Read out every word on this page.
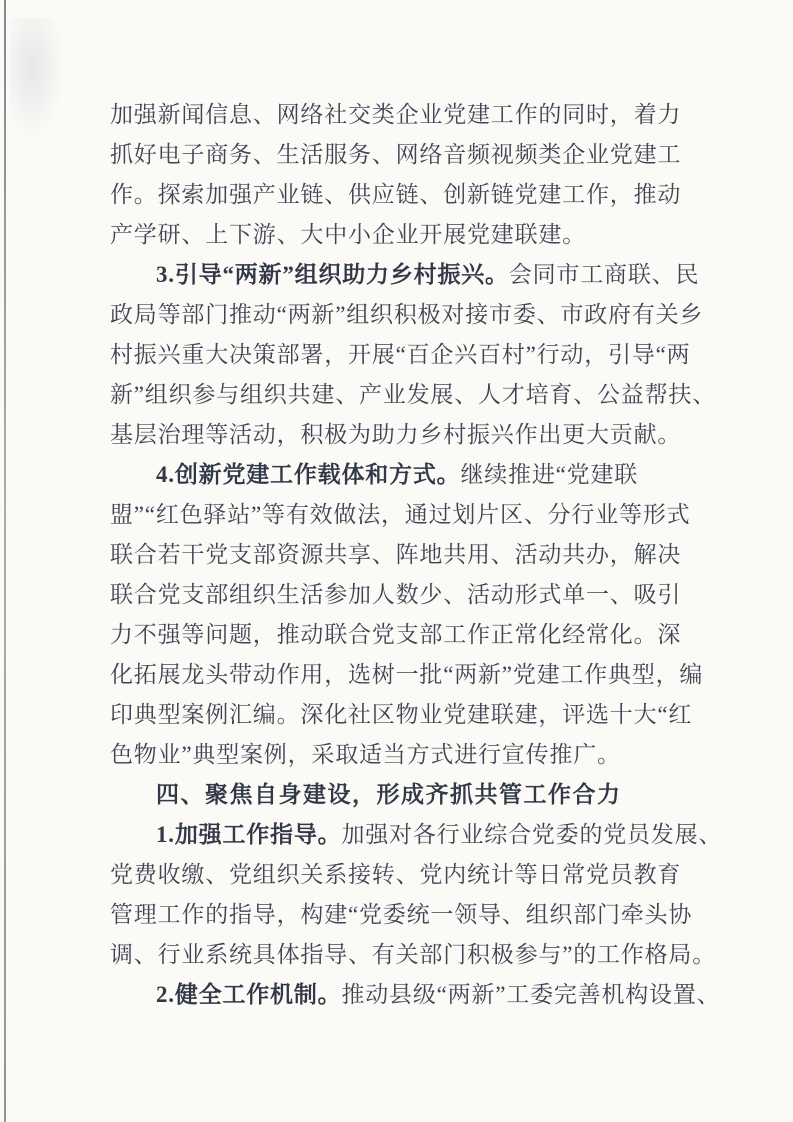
加强新闻信息、网络社交类企业党建工作的同时，着力
抓好电子商务、生活服务、网络音频视频类企业党建工
作。探索加强产业链、供应链、创新链党建工作，推动
产学研、上下游、大中小企业开展党建联建。
3.引导“两新”组织助力乡村振兴。会同市工商联、民
政局等部门推动“两新”组织积极对接市委、市政府有关乡
村振兴重大决策部署，开展“百企兴百村”行动，引导“两
新”组织参与组织共建、产业发展、人才培育、公益帮扶、
基层治理等活动，积极为助力乡村振兴作出更大贡献。
4.创新党建工作载体和方式。继续推进“党建联
盟”“红色驿站”等有效做法，通过划片区、分行业等形式
联合若干党支部资源共享、阵地共用、活动共办，解决
联合党支部组织生活参加人数少、活动形式单一、吸引
力不强等问题，推动联合党支部工作正常化经常化。深
化拓展龙头带动作用，选树一批“两新”党建工作典型，编
印典型案例汇编。深化社区物业党建联建，评选十大“红
色物业”典型案例，采取适当方式进行宣传推广。
四、聚焦自身建设，形成齐抓共管工作合力
1.加强工作指导。加强对各行业综合党委的党员发展、
党费收缴、党组织关系接转、党内统计等日常党员教育
管理工作的指导，构建“党委统一领导、组织部门牵头协
调、行业系统具体指导、有关部门积极参与”的工作格局。
2.健全工作机制。推动县级“两新”工委完善机构设置、
